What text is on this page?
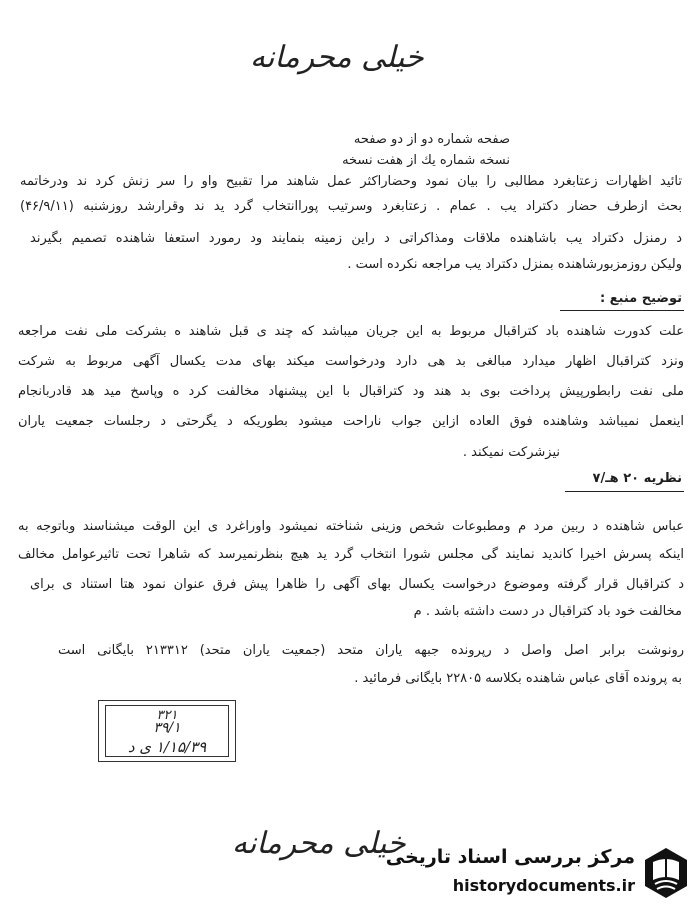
خیلی محرمانه
صفحه شماره دو از دو صفحه
نسخه شماره یك از هفت نسخه
تائید اظهارات زعتابغرد مطالبی را بیان نمود وحضاراکثر عمل شاهند مرا تقبیح واو را سر زنش کرد ند ودرخاتمه
بحث ازطرف حضار دکتراد یب . عمام . زعتابغرد وسرتیب پوراانتخاب گرد ید ند وقرارشد روزشنبه (۴۶/۹/۱۱)
د رمنزل دکتراد یب باشاهنده ملاقات ومذاکراتی د راین زمینه بنمایند ود رمورد استعفا شاهنده تصمیم بگیرند
ولیکن روزمزبورشاهنده بمنزل دکتراد یب مراجعه نکرده است .
توضیح منبع :
علت کدورت شاهنده باد کتراقبال مربوط به این جریان میباشد که چند ی قبل شاهند ه بشرکت ملی نفت مراجعه
ونزد کتراقبال اظهار میدارد مبالغی بد هی دارد ودرخواست میکند بهای مدت یکسال آگهی مربوط به شرکت
ملی نفت رابطورپیش پرداخت بوی بد هند ود کتراقبال با این پیشنهاد مخالفت کرد ه وپاسخ مید هد قادربانجام
اینعمل نمیباشد وشاهنده فوق العاده ازاین جواب ناراحت میشود بطوریکه د یگرحتی د رجلسات جمعیت یاران
نیزشرکت نمیکند .
نظریه ۲۰ هـ/۷
عباس شاهنده د ربین مرد م ومطبوعات شخص وزینی شناخته نمیشود واوراغرد ی این الوقت میشناسند وباتوجه به
اینکه پسرش اخیرا کاندید نمایند گی مجلس شورا انتخاب گرد ید هیچ بنظرنمیرسد که شاهرا تحت تاثیرعوامل مخالف
د کتراقبال قرار گرفته وموضوع درخواست یکسال بهای آگهی را ظاهرا پیش فرق عنوان نمود هتا استناد ی برای
مخالفت خود باد کتراقبال در دست داشته باشد . م
رونوشت برابر اصل واصل د رپرونده جبهه یاران متحد (جمعیت یاران متحد) ۲۱۳۳۱۲ بایگانی است
به پرونده آقای عباس شاهنده بکلاسه ۲۲۸۰۵ بایگانی فرمائید .
۳۲۱
۳۹/۱
۱/۱۵/۳۹ ی د
خیلی محرمانه
مرکز بررسی اسناد تاریخی
historydocuments.ir
